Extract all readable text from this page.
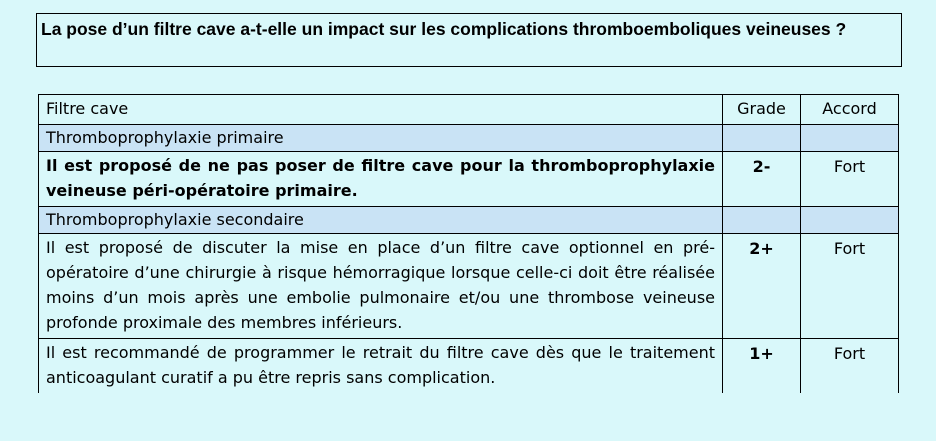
La pose d’un filtre cave a-t-elle un impact sur les complications thromboemboliques veineuses ?
Filtre cave	Grade	Accord
Thromboprophylaxie primaire		
Il est proposé de ne pas poser de filtre cave pour la thromboprophylaxie veineuse péri-opératoire primaire.	2-	Fort
Thromboprophylaxie secondaire		
Il est proposé de discuter la mise en place d’un filtre cave optionnel en pré-opératoire d’une chirurgie à risque hémorragique lorsque celle-ci doit être réalisée moins d’un mois après une embolie pulmonaire et/ou une thrombose veineuse profonde proximale des membres inférieurs.	2+	Fort
Il est recommandé de programmer le retrait du filtre cave dès que le traitement anticoagulant curatif a pu être repris sans complication.	1+	Fort
